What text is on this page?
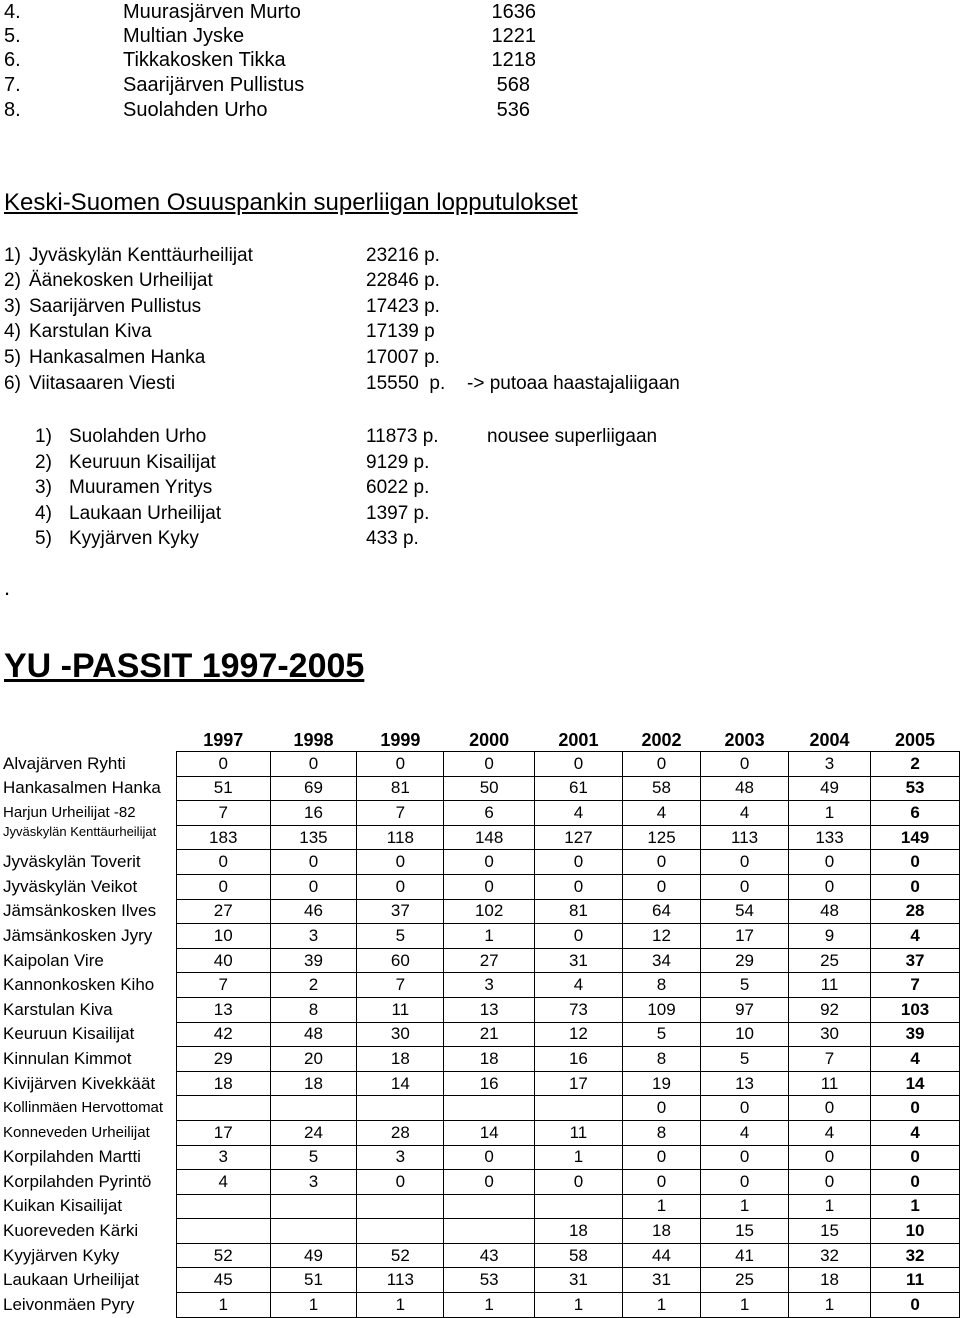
4.	Muurasjärven Murto	1636
5.	Multian Jyske	1221
6.	Tikkakosken Tikka	1218
7.	Saarijärven Pullistus	568
8.	Suolahden Urho	536
Keski-Suomen Osuuspankin superliigan lopputulokset
1) Jyväskylän Kenttäurheilijat	23216 p.
2) Äänekosken Urheilijat	22846 p.
3) Saarijärven Pullistus	17423 p.
4) Karstulan Kiva	17139 p
5) Hankasalmen Hanka	17007 p.
6) Viitasaaren Viesti	15550  p. -> putoaa haastajaliigaan
1) Suolahden Urho	11873 p.	nousee superliigaan
2) Keuruun Kisailijat	9129 p.
3) Muuramen Yritys	6022 p.
4) Laukaan Urheilijat	1397 p.
5) Kyyjärven Kyky	433 p.
.
YU -PASSIT 1997-2005
	1997	1998	1999	2000	2001	2002	2003	2004	2005
Alvajärven Ryhti	0	0	0	0	0	0	0	3	2
Hankasalmen Hanka	51	69	81	50	61	58	48	49	53
Harjun Urheilijat -82	7	16	7	6	4	4	4	1	6
Jyväskylän Kenttäurheilijat	183	135	118	148	127	125	113	133	149
Jyväskylän Toverit	0	0	0	0	0	0	0	0	0
Jyväskylän Veikot	0	0	0	0	0	0	0	0	0
Jämsänkosken Ilves	27	46	37	102	81	64	54	48	28
Jämsänkosken Jyry	10	3	5	1	0	12	17	9	4
Kaipolan Vire	40	39	60	27	31	34	29	25	37
Kannonkosken Kiho	7	2	7	3	4	8	5	11	7
Karstulan Kiva	13	8	11	13	73	109	97	92	103
Keuruun Kisailijat	42	48	30	21	12	5	10	30	39
Kinnulan Kimmot	29	20	18	18	16	8	5	7	4
Kivijärven Kivekkäät	18	18	14	16	17	19	13	11	14
Kollinmäen Hervottomat						0	0	0	0
Konneveden Urheilijat	17	24	28	14	11	8	4	4	4
Korpilahden Martti	3	5	3	0	1	0	0	0	0
Korpilahden Pyrintö	4	3	0	0	0	0	0	0	0
Kuikan Kisailijat						1	1	1	1
Kuoreveden Kärki					18	18	15	15	10
Kyyjärven Kyky	52	49	52	43	58	44	41	32	32
Laukaan Urheilijat	45	51	113	53	31	31	25	18	11
Leivonmäen Pyry	1	1	1	1	1	1	1	1	0
